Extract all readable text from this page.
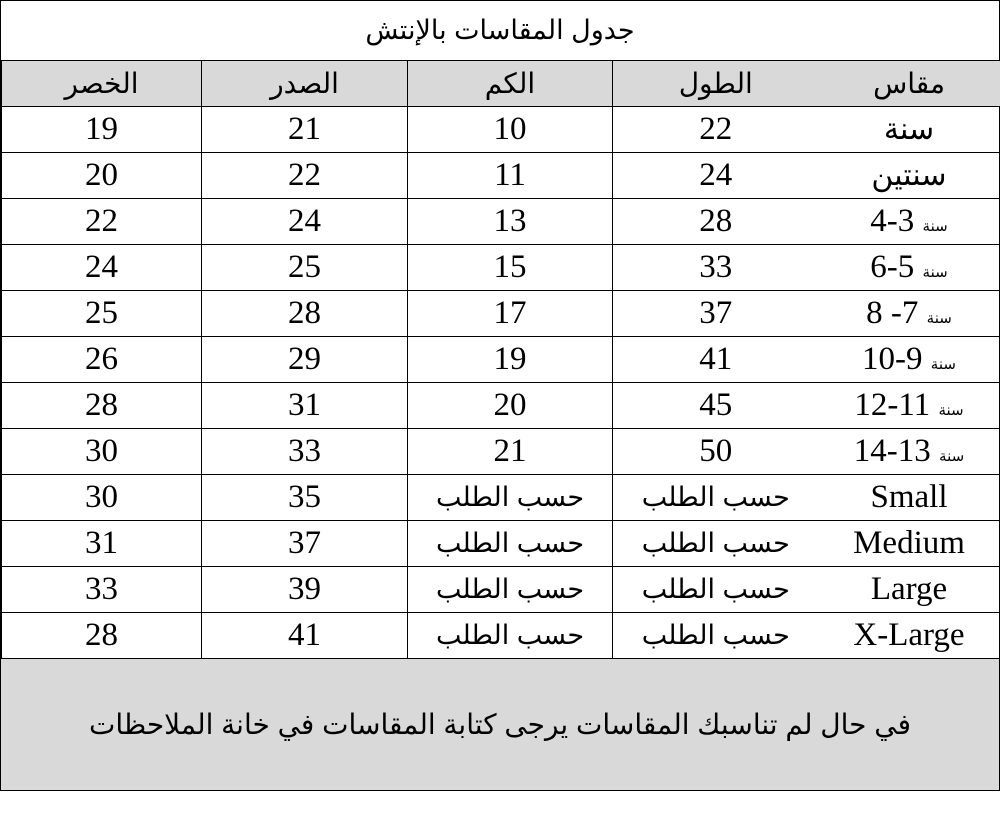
جدول المقاسات بالإنتش
الخصر	الصدر	الكم	الطول	مقاس
19	21	10	22	سنة
20	22	11	24	سنتين
22	24	13	28	سنة 3-4
24	25	15	33	سنة 5-6
25	28	17	37	سنة 7- 8
26	29	19	41	سنة 9-10
28	31	20	45	سنة 11-12
30	33	21	50	سنة 13-14
30	35	حسب الطلب	حسب الطلب	Small
31	37	حسب الطلب	حسب الطلب	Medium
33	39	حسب الطلب	حسب الطلب	Large
28	41	حسب الطلب	حسب الطلب	X-Large
في حال لم تناسبك المقاسات يرجى كتابة المقاسات في خانة الملاحظات
